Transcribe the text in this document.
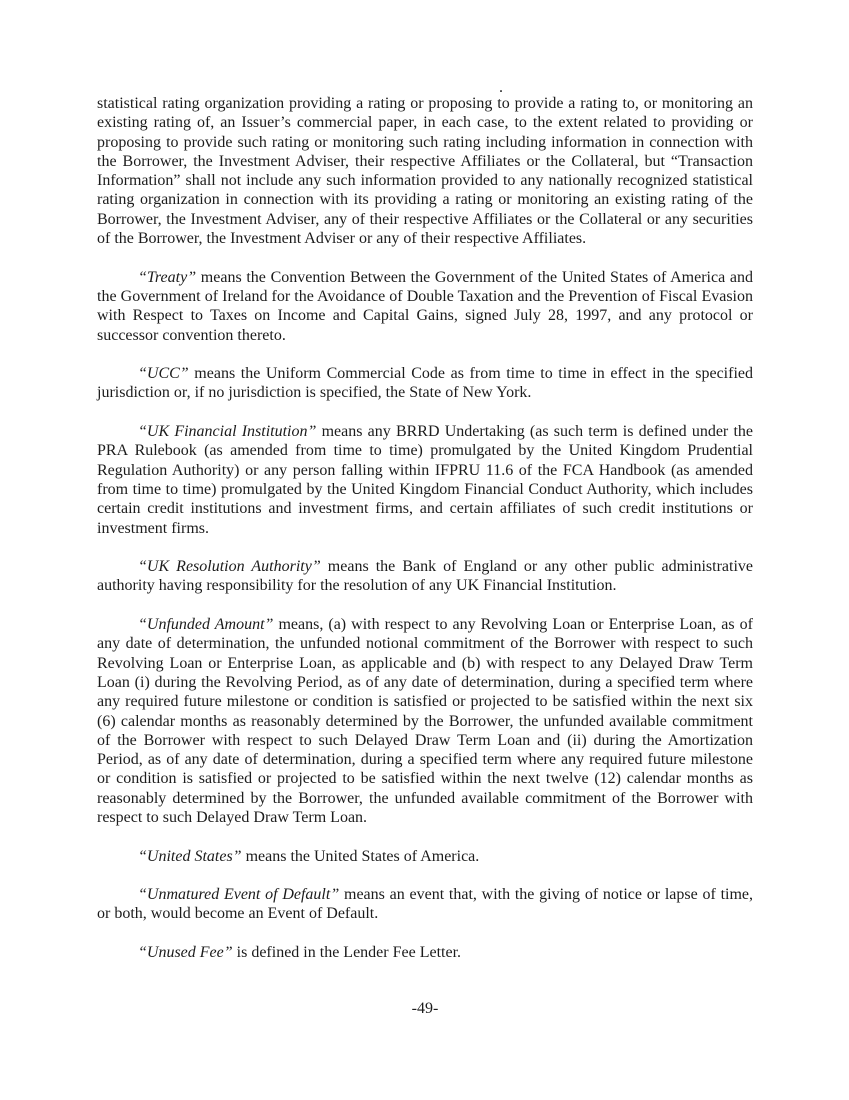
.

statistical rating organization providing a rating or proposing to provide a rating to, or monitoring an existing rating of, an Issuer’s commercial paper, in each case, to the extent related to providing or proposing to provide such rating or monitoring such rating including information in connection with the Borrower, the Investment Adviser, their respective Affiliates or the Collateral, but “Transaction Information” shall not include any such information provided to any nationally recognized statistical rating organization in connection with its providing a rating or monitoring an existing rating of the Borrower, the Investment Adviser, any of their respective Affiliates or the Collateral or any securities of the Borrower, the Investment Adviser or any of their respective Affiliates.

“Treaty” means the Convention Between the Government of the United States of America and the Government of Ireland for the Avoidance of Double Taxation and the Prevention of Fiscal Evasion with Respect to Taxes on Income and Capital Gains, signed July 28, 1997, and any protocol or successor convention thereto.

“UCC” means the Uniform Commercial Code as from time to time in effect in the specified jurisdiction or, if no jurisdiction is specified, the State of New York.

“UK Financial Institution” means any BRRD Undertaking (as such term is defined under the PRA Rulebook (as amended from time to time) promulgated by the United Kingdom Prudential Regulation Authority) or any person falling within IFPRU 11.6 of the FCA Handbook (as amended from time to time) promulgated by the United Kingdom Financial Conduct Authority, which includes certain credit institutions and investment firms, and certain affiliates of such credit institutions or investment firms.

“UK Resolution Authority” means the Bank of England or any other public administrative authority having responsibility for the resolution of any UK Financial Institution.

“Unfunded Amount” means, (a) with respect to any Revolving Loan or Enterprise Loan, as of any date of determination, the unfunded notional commitment of the Borrower with respect to such Revolving Loan or Enterprise Loan, as applicable and (b) with respect to any Delayed Draw Term Loan (i) during the Revolving Period, as of any date of determination, during a specified term where any required future milestone or condition is satisfied or projected to be satisfied within the next six (6) calendar months as reasonably determined by the Borrower, the unfunded available commitment of the Borrower with respect to such Delayed Draw Term Loan and (ii) during the Amortization Period, as of any date of determination, during a specified term where any required future milestone or condition is satisfied or projected to be satisfied within the next twelve (12) calendar months as reasonably determined by the Borrower, the unfunded available commitment of the Borrower with respect to such Delayed Draw Term Loan.

“United States” means the United States of America.

“Unmatured Event of Default” means an event that, with the giving of notice or lapse of time, or both, would become an Event of Default.

“Unused Fee” is defined in the Lender Fee Letter.

-49-
